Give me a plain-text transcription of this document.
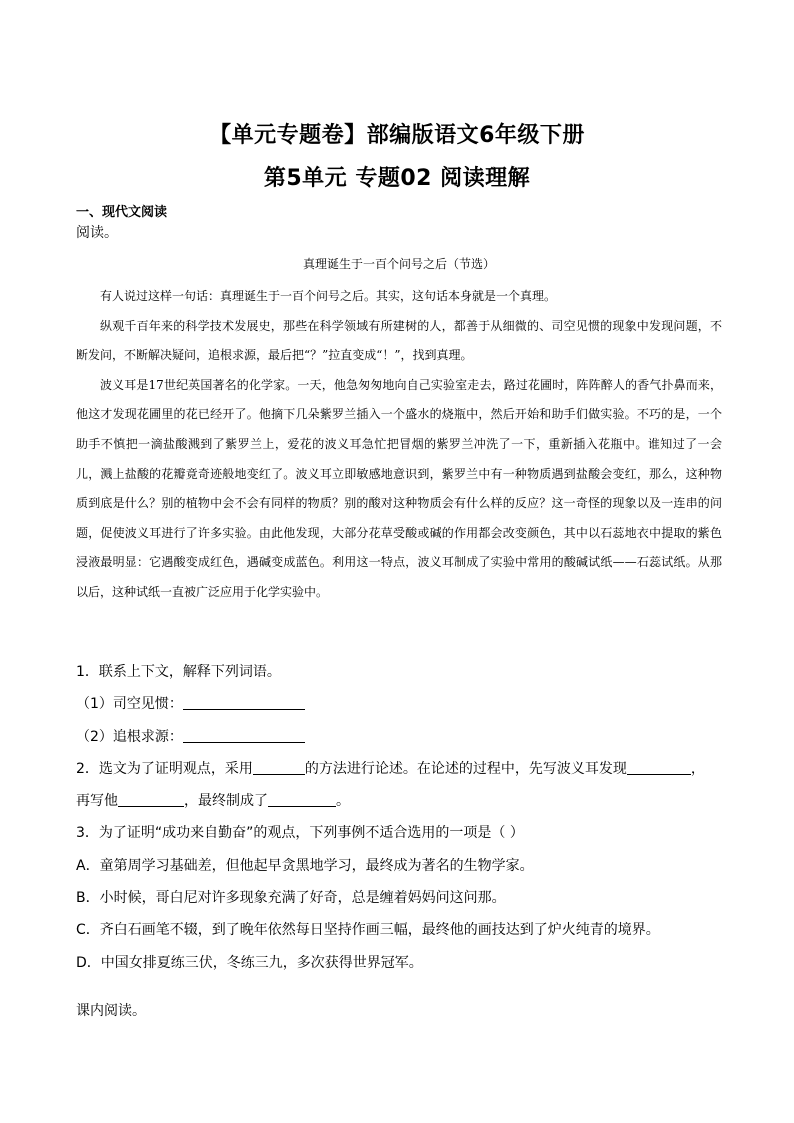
【单元专题卷】部编版语文6年级下册
第5单元 专题02 阅读理解
一、现代文阅读
阅读。
真理诞生于一百个问号之后（节选）

有人说过这样一句话：真理诞生于一百个问号之后。其实，这句话本身就是一个真理。

纵观千百年来的科学技术发展史，那些在科学领域有所建树的人，都善于从细微的、司空见惯的现象中发现问题，不断发问，不断解决疑问，追根求源，最后把“？”拉直变成“！”，找到真理。

波义耳是17世纪英国著名的化学家。一天，他急匆匆地向自己实验室走去，路过花圃时，阵阵醉人的香气扑鼻而来，他这才发现花圃里的花已经开了。他摘下几朵紫罗兰插入一个盛水的烧瓶中，然后开始和助手们做实验。不巧的是，一个助手不慎把一滴盐酸溅到了紫罗兰上，爱花的波义耳急忙把冒烟的紫罗兰冲洗了一下，重新插入花瓶中。谁知过了一会儿，溅上盐酸的花瓣竟奇迹般地变红了。波义耳立即敏感地意识到，紫罗兰中有一种物质遇到盐酸会变红，那么，这种物质到底是什么？别的植物中会不会有同样的物质？别的酸对这种物质会有什么样的反应？这一奇怪的现象以及一连串的问题，促使波义耳进行了许多实验。由此他发现，大部分花草受酸或碱的作用都会改变颜色，其中以石蕊地衣中提取的紫色浸液最明显：它遇酸变成红色，遇碱变成蓝色。利用这一特点，波义耳制成了实验中常用的酸碱试纸——石蕊试纸。从那以后，这种试纸一直被广泛应用于化学实验中。

1．联系上下文，解释下列词语。
（1）司空见惯：
（2）追根求源：
2．选文为了证明观点，采用	的方法进行论述。在论述的过程中，先写波义耳发现	，
再写他	，最终制成了	。
3．为了证明“成功来自勤奋”的观点，下列事例不适合选用的一项是（ ）
A．童第周学习基础差，但他起早贪黑地学习，最终成为著名的生物学家。
B．小时候，哥白尼对许多现象充满了好奇，总是缠着妈妈问这问那。
C．齐白石画笔不辍，到了晚年依然每日坚持作画三幅，最终他的画技达到了炉火纯青的境界。
D．中国女排夏练三伏，冬练三九，多次获得世界冠军。
课内阅读。
